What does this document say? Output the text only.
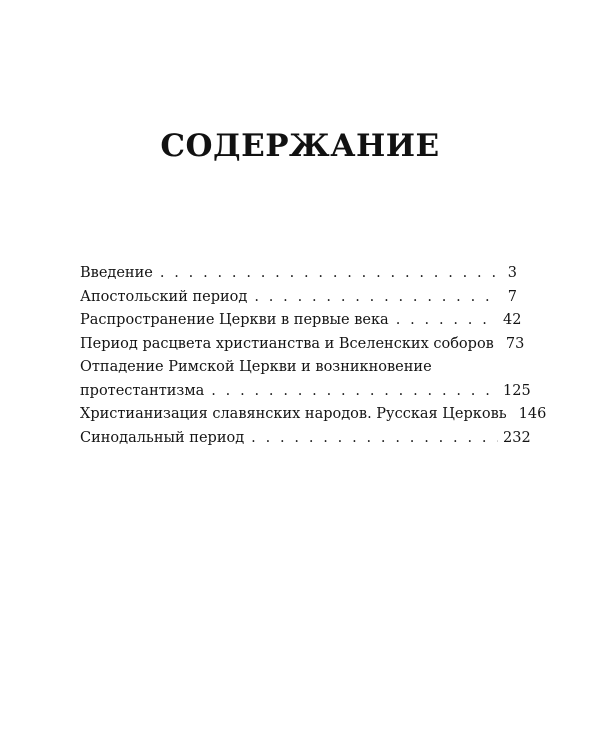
СОДЕРЖАНИЕ
Введение . . .	3
Апостольский период . . .	7
Распространение Церкви в первые века . . .	42
Период расцвета христианства и Вселенских соборов 73
Отпадение Римской Церкви и возникновение
протестантизма . . .	125
Христианизация славянских народов. Русская Церковь 146
Синодальный период . . .	232
